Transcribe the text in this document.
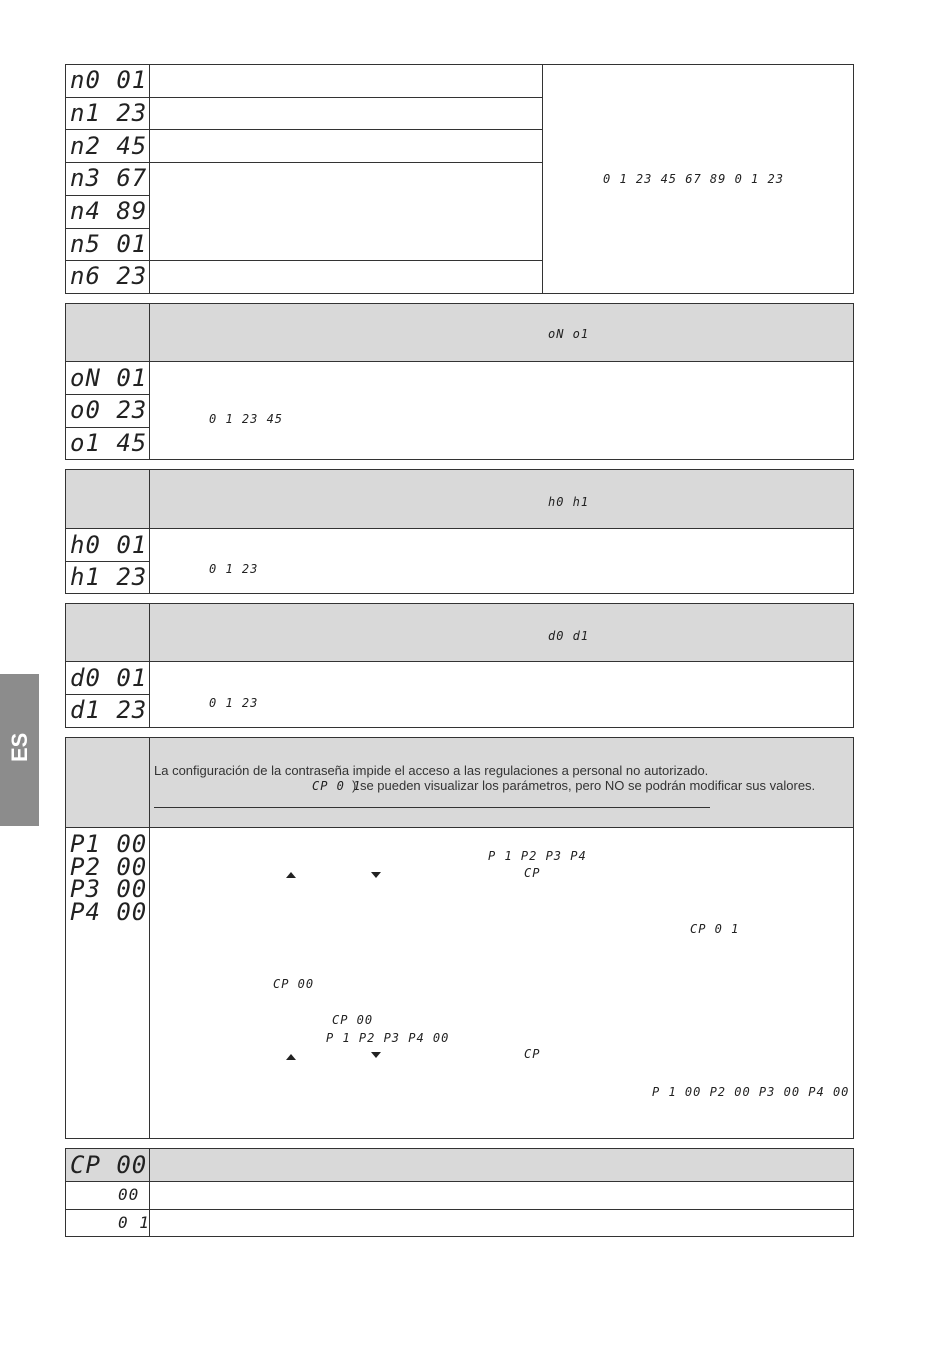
ES
n0 01
n1 23
n2 45
n3 67
n4 89
n5 01
n6 23
0 1 23 45 67 89 0 1 23
oN o1
oN 01
o0 23
o1 45
0 1 23 45
h0 h1
h0 01
h1 23	0 1 23
d0 d1
d0 01
d1 23	0 1 23
La configuración de la contraseña impide el acceso a las regulaciones a personal no autorizado.
CP 0 1
) se pueden visualizar los parámetros, pero NO se podrán modificar sus valores.
P1 00
P2 00
P3 00
P4 00
P 1 P2 P3 P4
CP
CP 0 1
CP 00
CP 00
P 1 P2 P3 P4 00
CP
P 1 00 P2 00 P3 00 P4 00
CP 00
00
0 1
